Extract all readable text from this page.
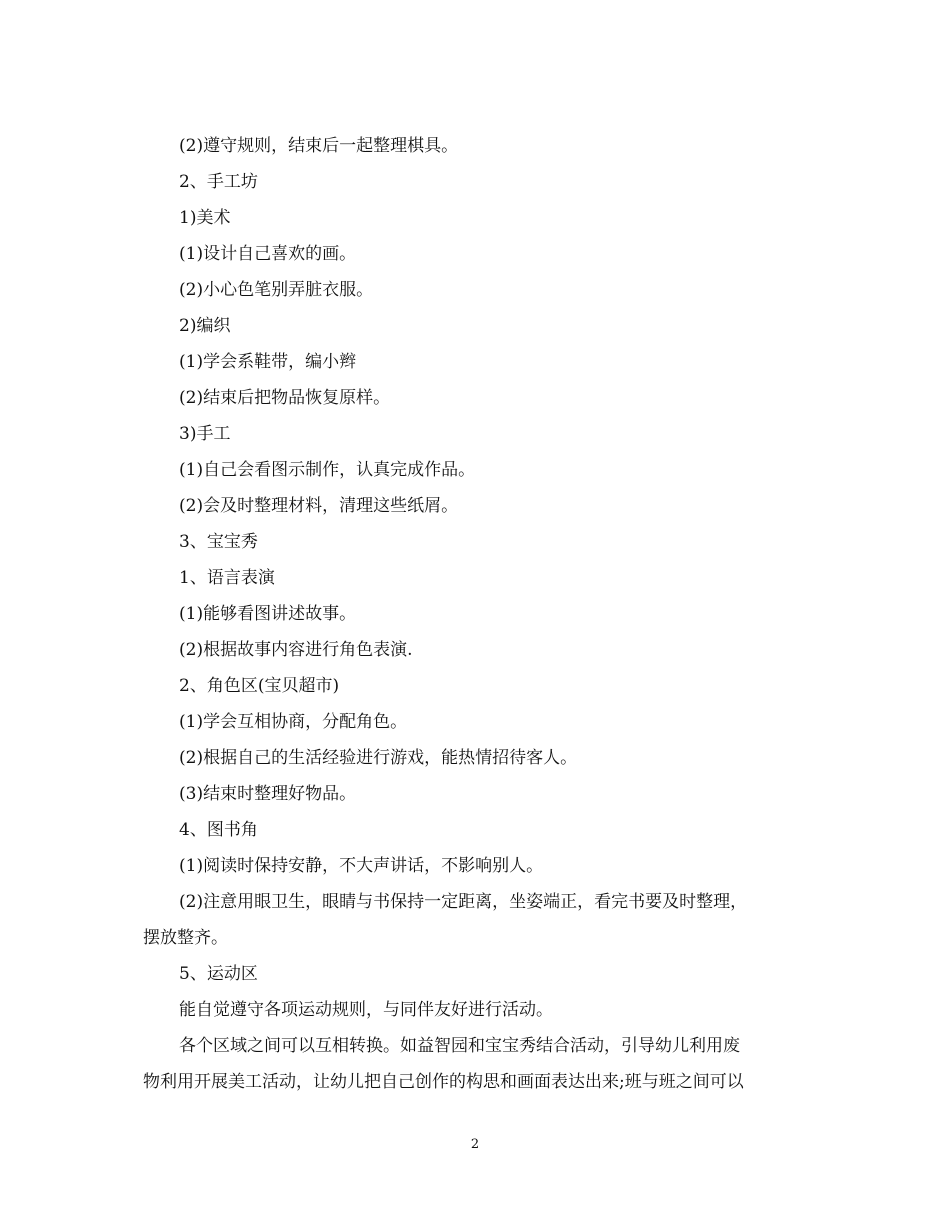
(2)遵守规则，结束后一起整理棋具。
2、手工坊
1)美术
(1)设计自己喜欢的画。
(2)小心色笔别弄脏衣服。
2)编织
(1)学会系鞋带，编小辫
(2)结束后把物品恢复原样。
3)手工
(1)自己会看图示制作，认真完成作品。
(2)会及时整理材料，清理这些纸屑。
3、宝宝秀
1、语言表演
(1)能够看图讲述故事。
(2)根据故事内容进行角色表演.
2、角色区(宝贝超市)
(1)学会互相协商，分配角色。
(2)根据自己的生活经验进行游戏，能热情招待客人。
(3)结束时整理好物品。
4、图书角
(1)阅读时保持安静，不大声讲话，不影响别人。
(2)注意用眼卫生，眼睛与书保持一定距离，坐姿端正，看完书要及时整理，
摆放整齐。
5、运动区
能自觉遵守各项运动规则，与同伴友好进行活动。
各个区域之间可以互相转换。如益智园和宝宝秀结合活动，引导幼儿利用废
物利用开展美工活动，让幼儿把自己创作的构思和画面表达出来;班与班之间可以
2
